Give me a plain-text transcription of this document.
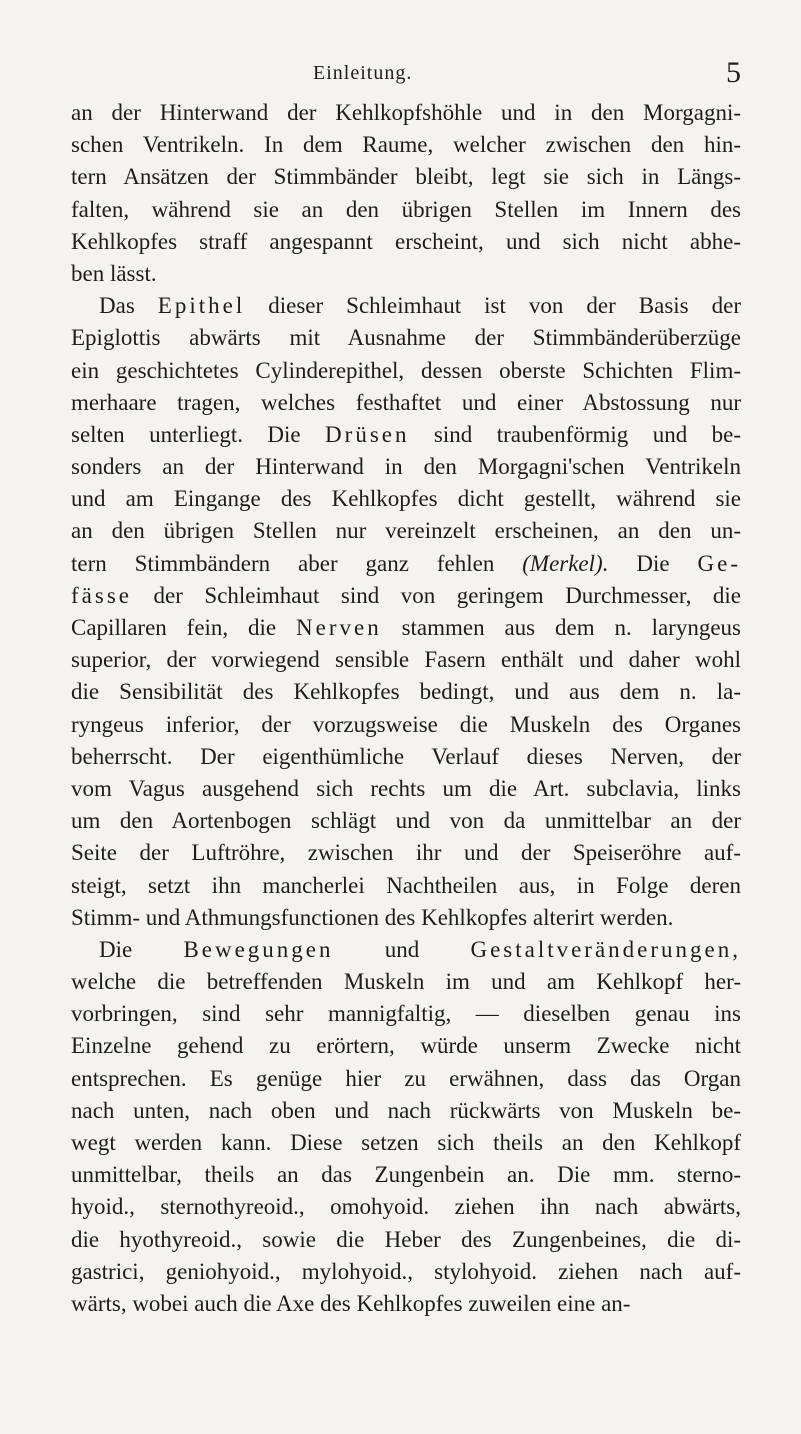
Einleitung.	5
an der Hinterwand der Kehlkopfshöhle und in den Morgagni-
schen Ventrikeln. In dem Raume, welcher zwischen den hin-
tern Ansätzen der Stimmbänder bleibt, legt sie sich in Längs-
falten, während sie an den übrigen Stellen im Innern des
Kehlkopfes straff angespannt erscheint, und sich nicht abhe-
ben lässt.
Das Epithel dieser Schleimhaut ist von der Basis der
Epiglottis abwärts mit Ausnahme der Stimmbänderüberzüge
ein geschichtetes Cylinderepithel, dessen oberste Schichten Flim-
merhaare tragen, welches festhaftet und einer Abstossung nur
selten unterliegt. Die Drüsen sind traubenförmig und be-
sonders an der Hinterwand in den Morgagni'schen Ventrikeln
und am Eingange des Kehlkopfes dicht gestellt, während sie
an den übrigen Stellen nur vereinzelt erscheinen, an den un-
tern Stimmbändern aber ganz fehlen (Merkel). Die Ge-
fässe der Schleimhaut sind von geringem Durchmesser, die
Capillaren fein, die Nerven stammen aus dem n. laryngeus
superior, der vorwiegend sensible Fasern enthält und daher wohl
die Sensibilität des Kehlkopfes bedingt, und aus dem n. la-
ryngeus inferior, der vorzugsweise die Muskeln des Organes
beherrscht. Der eigenthümliche Verlauf dieses Nerven, der
vom Vagus ausgehend sich rechts um die Art. subclavia, links
um den Aortenbogen schlägt und von da unmittelbar an der
Seite der Luftröhre, zwischen ihr und der Speiseröhre auf-
steigt, setzt ihn mancherlei Nachtheilen aus, in Folge deren
Stimm- und Athmungsfunctionen des Kehlkopfes alterirt werden.
Die Bewegungen und Gestaltveränderungen,
welche die betreffenden Muskeln im und am Kehlkopf her-
vorbringen, sind sehr mannigfaltig, — dieselben genau ins
Einzelne gehend zu erörtern, würde unserm Zwecke nicht
entsprechen. Es genüge hier zu erwähnen, dass das Organ
nach unten, nach oben und nach rückwärts von Muskeln be-
wegt werden kann. Diese setzen sich theils an den Kehlkopf
unmittelbar, theils an das Zungenbein an. Die mm. sterno-
hyoid., sternothyreoid., omohyoid. ziehen ihn nach abwärts,
die hyothyreoid., sowie die Heber des Zungenbeines, die di-
gastrici, geniohyoid., mylohyoid., stylohyoid. ziehen nach auf-
wärts, wobei auch die Axe des Kehlkopfes zuweilen eine an-
